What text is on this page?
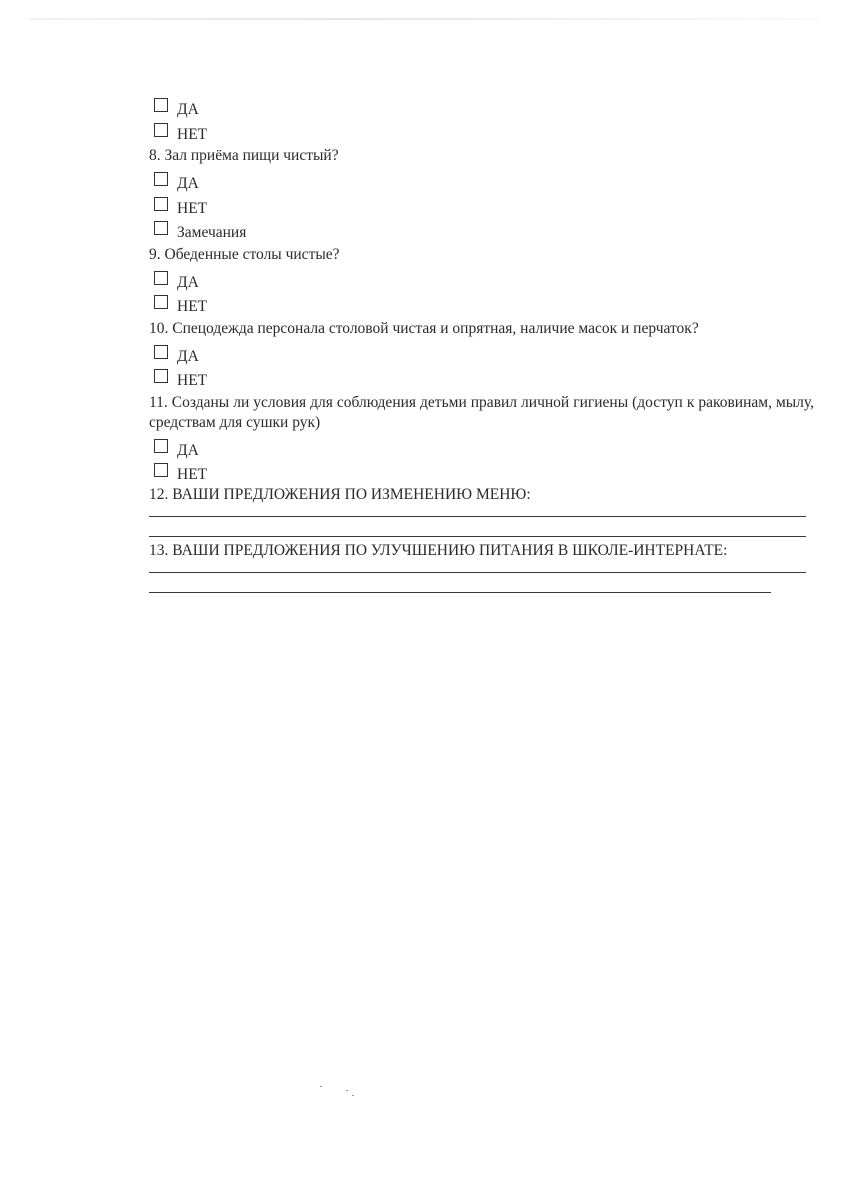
ДА
НЕТ
8. Зал приёма пищи чистый?
ДА
НЕТ
Замечания
9. Обеденные столы чистые?
ДА
НЕТ
10. Спецодежда персонала столовой чистая и опрятная, наличие масок и перчаток?
ДА
НЕТ
11. Созданы ли условия для соблюдения детьми правил личной гигиены (доступ к раковинам, мылу, средствам для сушки рук)
ДА
НЕТ
12. ВАШИ ПРЕДЛОЖЕНИЯ ПО ИЗМЕНЕНИЮ МЕНЮ:
13. ВАШИ ПРЕДЛОЖЕНИЯ ПО УЛУЧШЕНИЮ ПИТАНИЯ В ШКОЛЕ-ИНТЕРНАТЕ:
